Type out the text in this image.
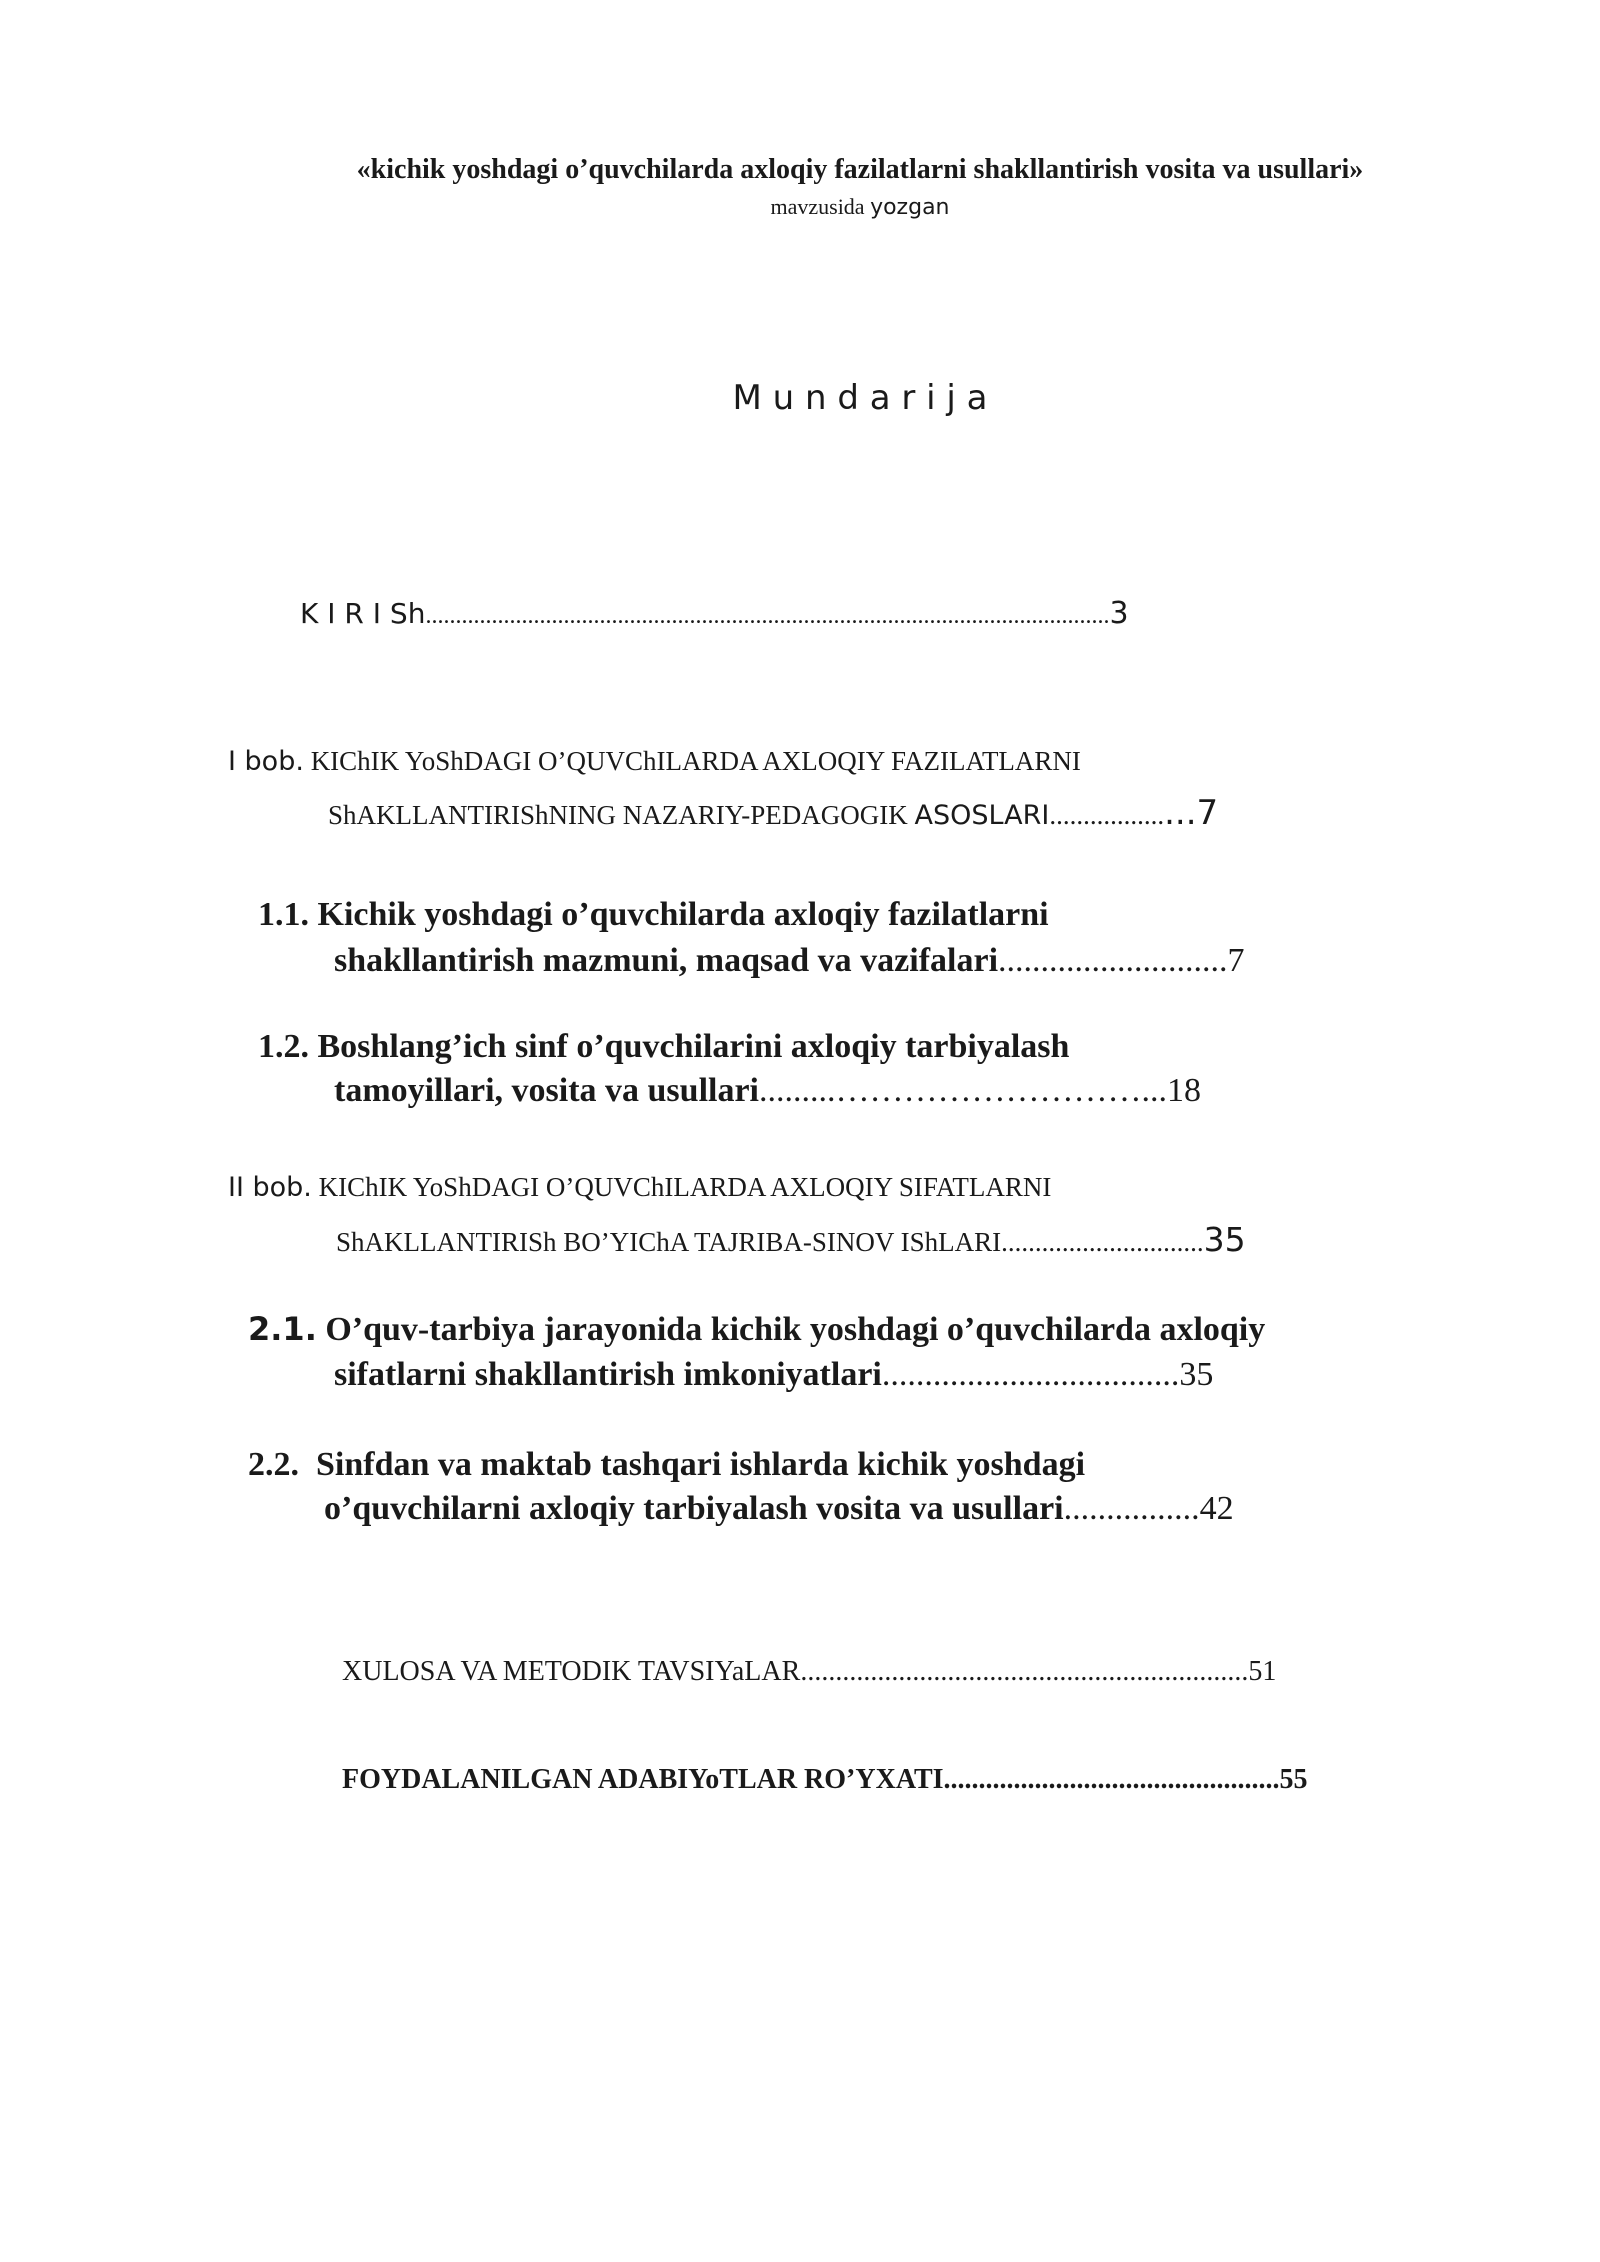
«kichik yoshdagi o’quvchilarda axloqiy fazilatlarni shakllantirish vosita va usullari»
mavzusida yozgan
M u n d a r i j a
K I R I Sh..................................................................................................................3
I bob. KIChIK YoShDAGI O’QUVChILARDA AXLOQIY FAZILATLARNI
ShAKLLANTIRIShNING NAZARIY-PEDAGOGIK ASOSLARI....................7
1.1. Kichik yoshdagi o’quvchilarda axloqiy fazilatlarni
shakllantirish mazmuni, maqsad va vazifalari...........................7
1.2. Boshlang’ich sinf o’quvchilarini axloqiy tarbiyalash
tamoyillari, vosita va usullari.........………………………...18
II bob. KIChIK YoShDAGI O’QUVChILARDA AXLOQIY SIFATLARNI
ShAKLLANTIRISh BO’YIChA TAJRIBA-SINOV IShLARI..............................35
2.1. O’quv-tarbiya jarayonida kichik yoshdagi o’quvchilarda axloqiy
sifatlarni shakllantirish imkoniyatlari...................................35
2.2. Sinfdan va maktab tashqari ishlarda kichik yoshdagi
o’quvchilarni axloqiy tarbiyalash vosita va usullari................42
XULOSA VA METODIK TAVSIYaLAR................................................................51
FOYDALANILGAN ADABIYoTLAR RO’YXATI................................................55
